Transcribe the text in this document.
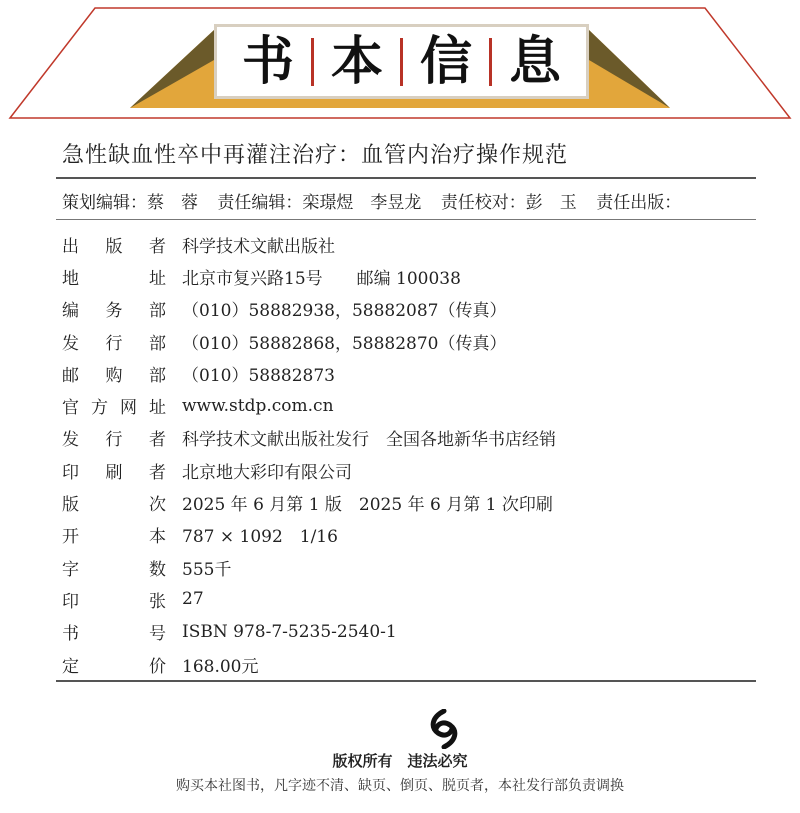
书 本 信 息
急性缺血性卒中再灌注治疗：血管内治疗操作规范
策划编辑：蔡　蓉 责任编辑：栾璟煜　李昱龙 责任校对：彭　玉 责任出版：
出 版 者 科学技术文献出版社
地	址 北京市复兴路15号　　邮编 100038
编 务 部 （010）58882938，58882087（传真）
发 行 部 （010）58882868，58882870（传真）
邮 购 部 （010）58882873
官 方 网 址 www.stdp.com.cn
发 行 者 科学技术文献出版社发行　全国各地新华书店经销
印 刷 者 北京地大彩印有限公司
版	次 2025 年 6 月第 1 版　2025 年 6 月第 1 次印刷
开	本 787 × 1092　1/16
字	数 555千
印	张 27
书	号 ISBN 978-7-5235-2540-1
定	价 168.00元
版权所有　违法必究
购买本社图书，凡字迹不清、缺页、倒页、脱页者，本社发行部负责调换
